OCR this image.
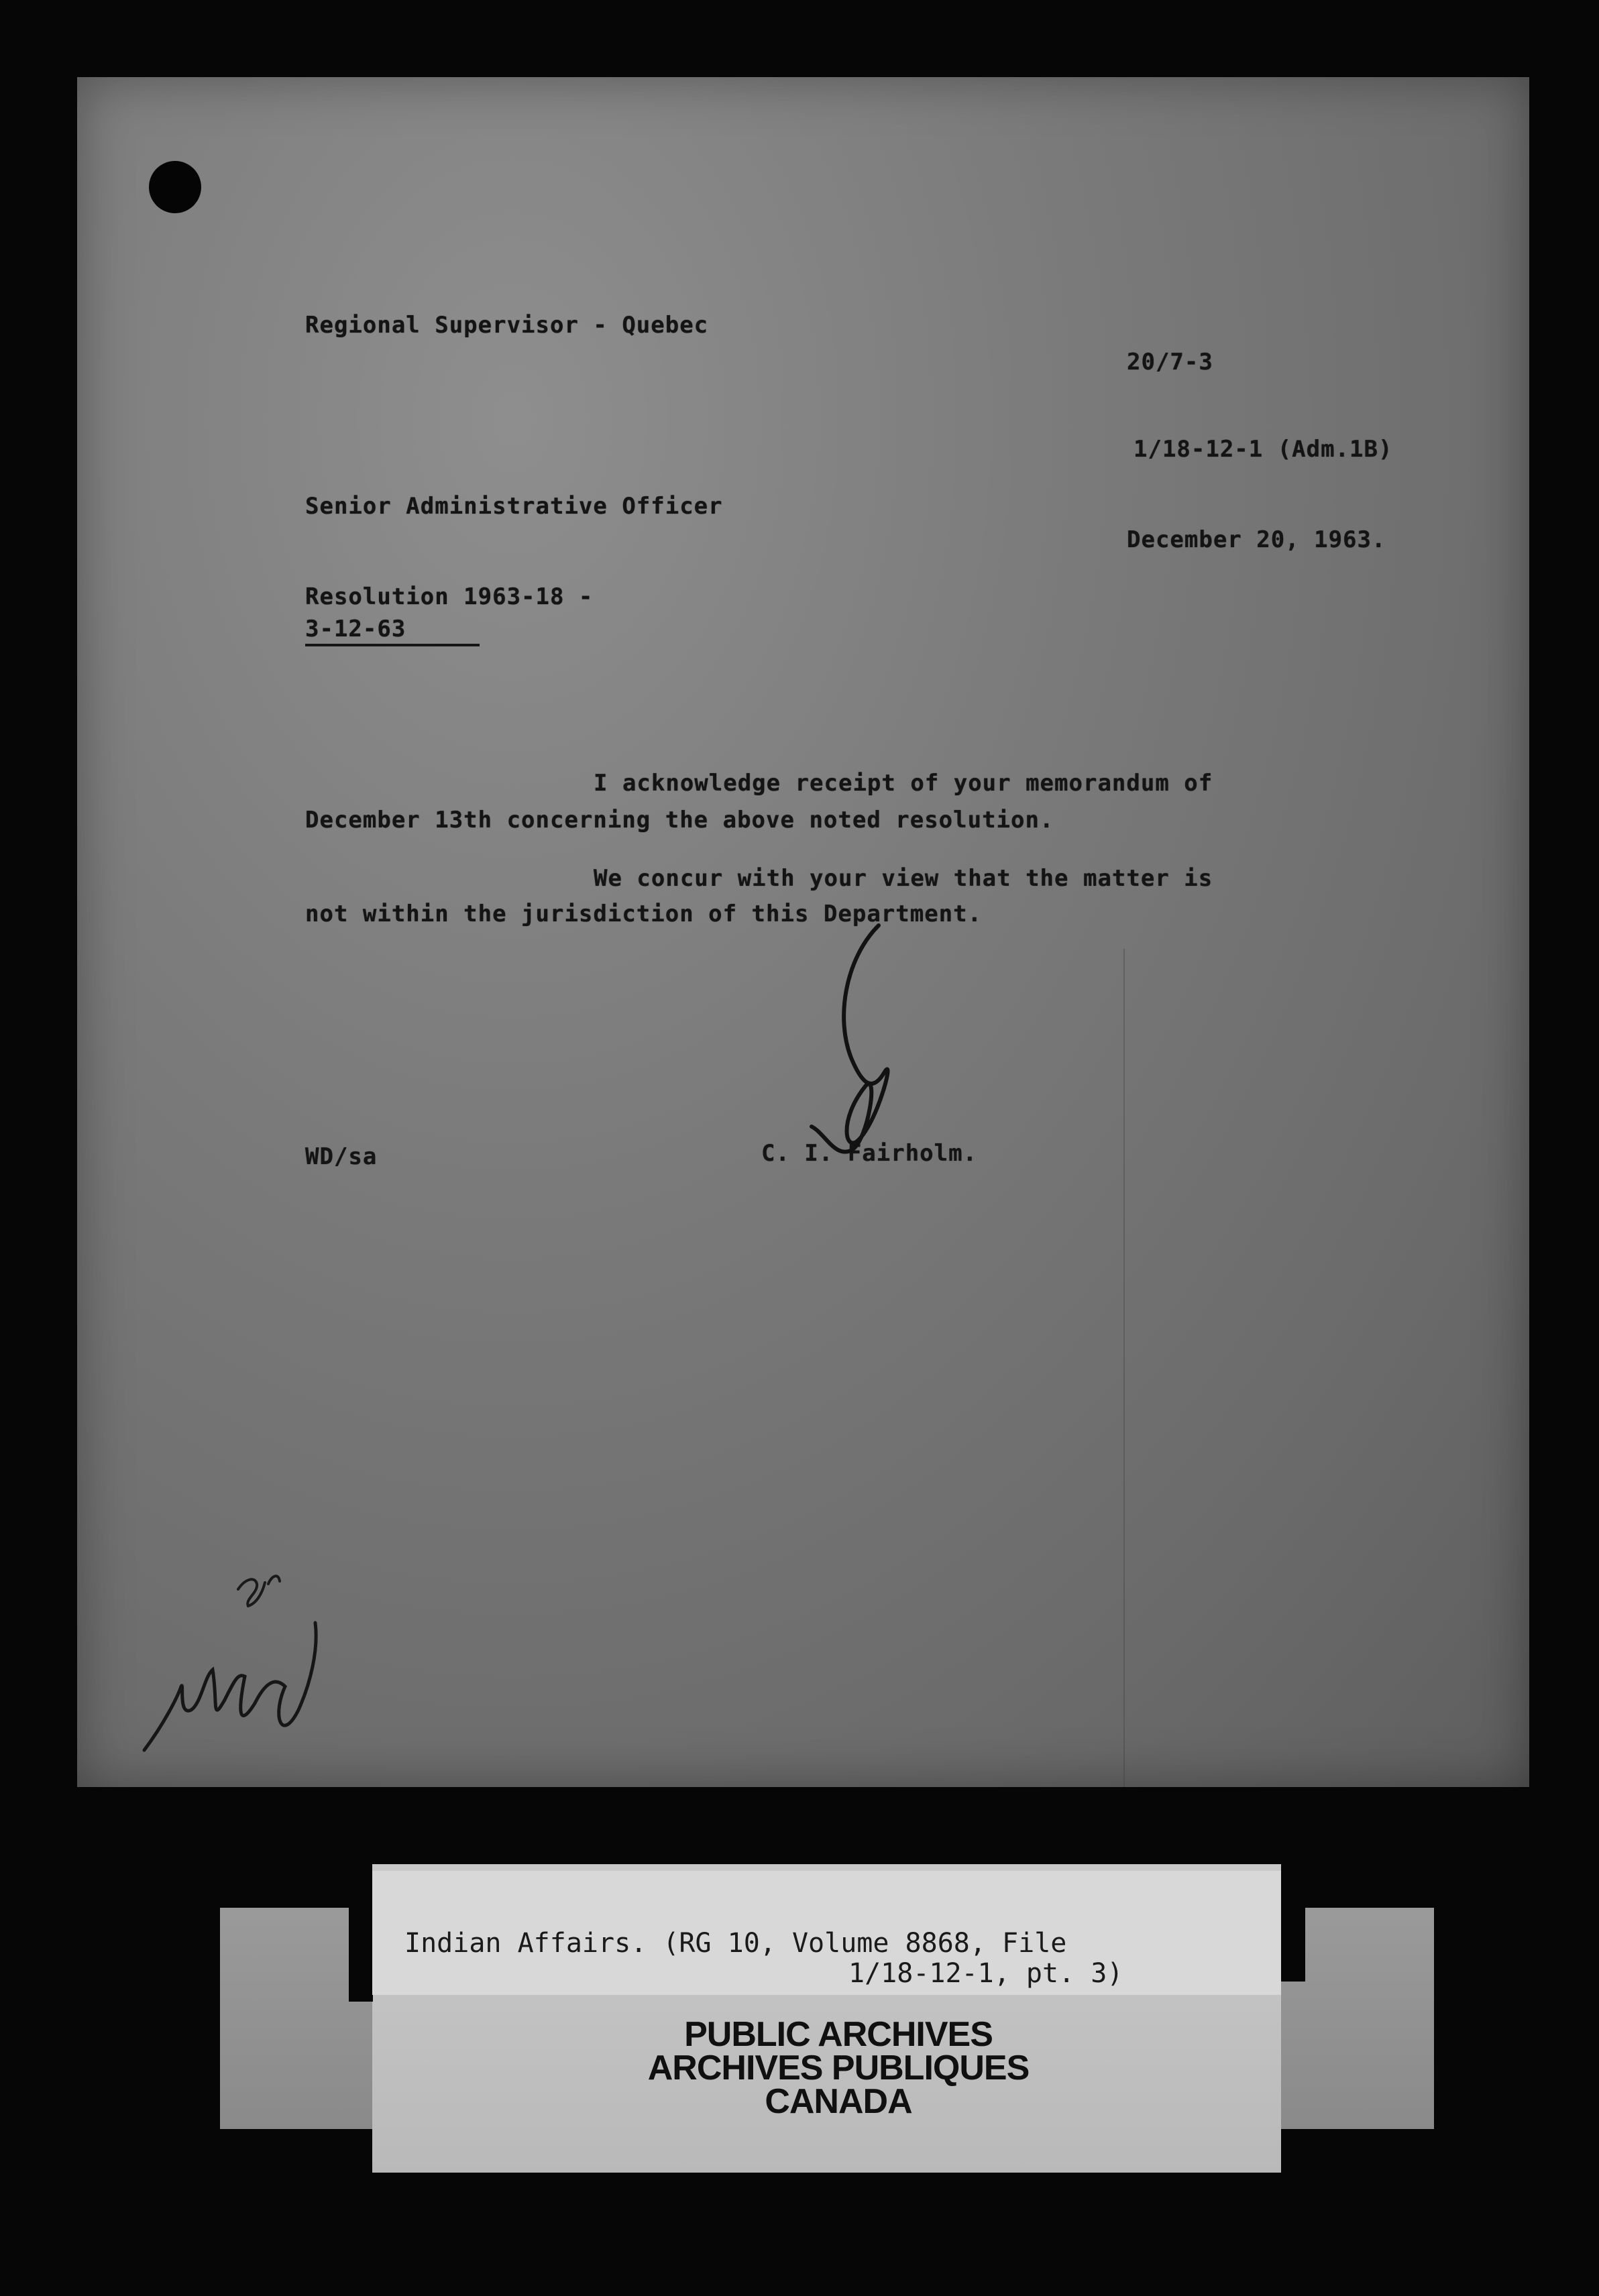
Regional Supervisor - Quebec

20/7-3

1/18-12-1 (Adm.1B)

Senior Administrative Officer

December 20, 1963.

Resolution 1963-18 -

3-12-63

I acknowledge receipt of your memorandum of

December 13th concerning the above noted resolution.

We concur with your view that the matter is

not within the jurisdiction of this Department.

WD/sa	C. I. Fairholm.

Indian Affairs. (RG 10, Volume 8868, File

1/18-12-1, pt. 3)

PUBLIC ARCHIVES

ARCHIVES PUBLIQUES

CANADA
